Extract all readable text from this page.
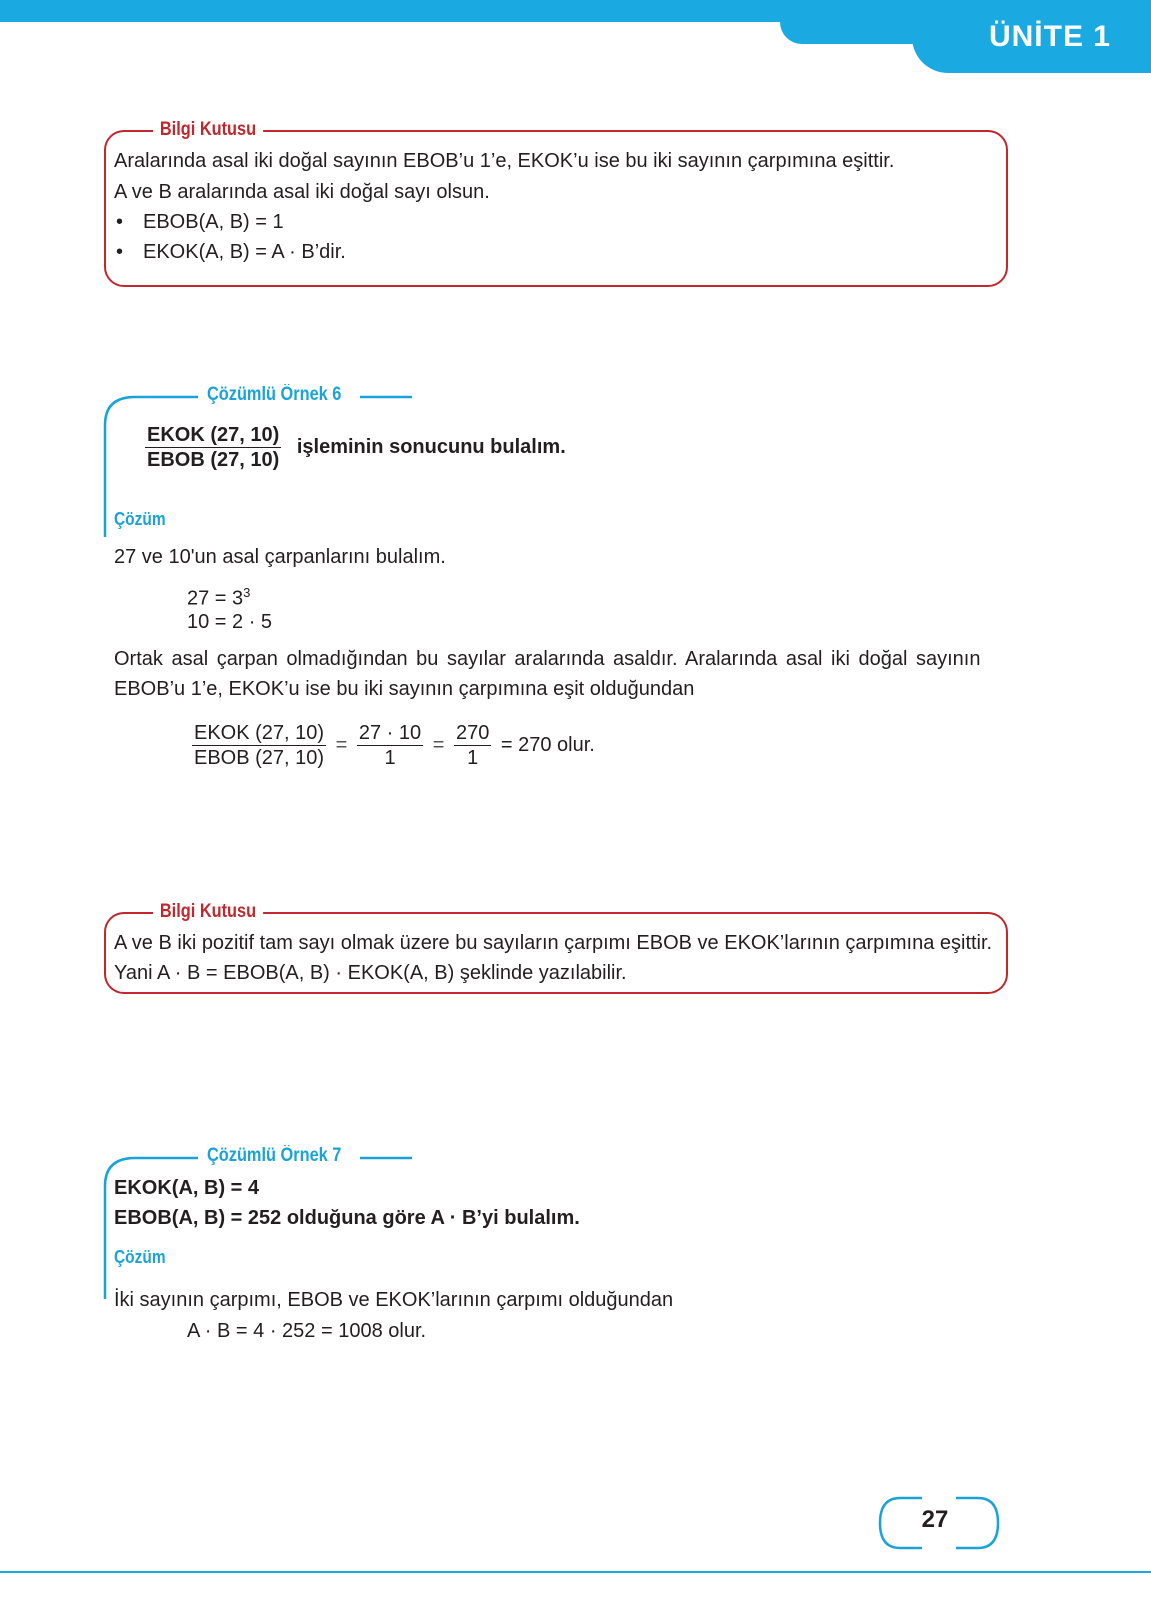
ÜNİTE 1
Bilgi Kutusu
Aralarında asal iki doğal sayının EBOB’u 1’e, EKOK’u ise bu iki sayının çarpımına eşittir.
A ve B aralarında asal iki doğal sayı olsun.
• EBOB(A, B) = 1
• EKOK(A, B) = A · B’dir.
Çözümlü Örnek 6
$\frac{\text{EKOK (27, 10)}}{\text{EBOB (27, 10)}}$ işleminin sonucunu bulalım.
Çözüm
27 ve 10'un asal çarpanlarını bulalım.
$27 = 3^3$
10 = 2 · 5
Ortak asal çarpan olmadığından bu sayılar aralarında asaldır. Aralarında asal iki doğal sayının
EBOB’u 1’e, EKOK’u ise bu iki sayının çarpımına eşit olduğundan
$\frac{\text{EKOK (27, 10)}}{\text{EBOB (27, 10)}} = \frac{27 \cdot 10}{1} = \frac{270}{1} = 270$ olur.
Bilgi Kutusu
A ve B iki pozitif tam sayı olmak üzere bu sayıların çarpımı EBOB ve EKOK’larının çarpımına eşittir.
Yani A · B = EBOB(A, B) · EKOK(A, B) şeklinde yazılabilir.
Çözümlü Örnek 7
EKOK(A, B) = 4
EBOB(A, B) = 252 olduğuna göre A · B’yi bulalım.
Çözüm
İki sayının çarpımı, EBOB ve EKOK’larının çarpımı olduğundan
A · B = 4 · 252 = 1008 olur.
27
